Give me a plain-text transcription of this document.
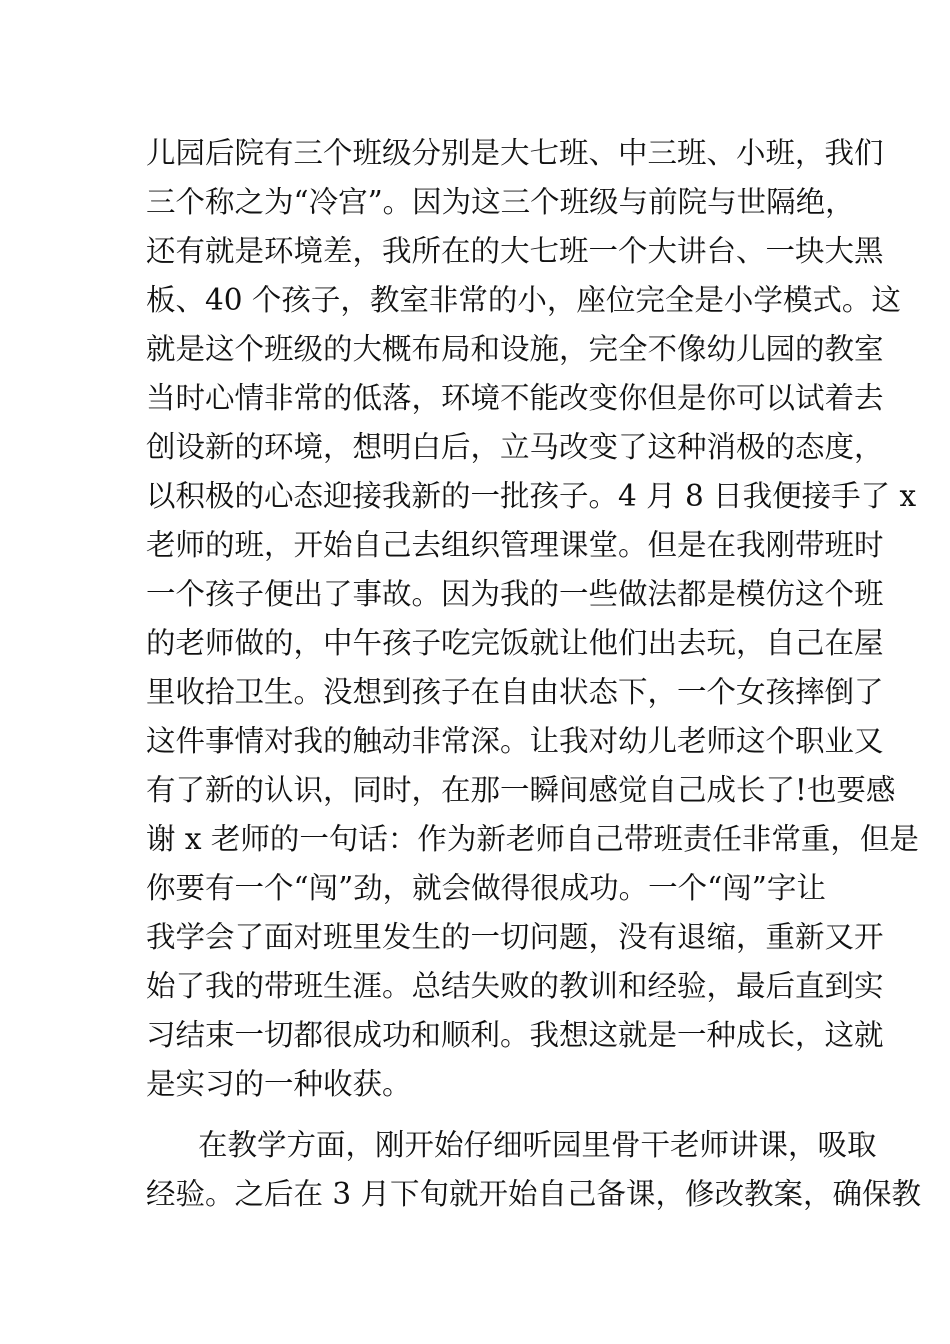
儿园后院有三个班级分别是大七班、中三班、小班，我们
三个称之为“冷宫”。因为这三个班级与前院与世隔绝，
还有就是环境差，我所在的大七班一个大讲台、一块大黑
板、40 个孩子，教室非常的小，座位完全是小学模式。这
就是这个班级的大概布局和设施，完全不像幼儿园的教室
当时心情非常的低落，环境不能改变你但是你可以试着去
创设新的环境，想明白后，立马改变了这种消极的态度，
以积极的心态迎接我新的一批孩子。4 月 8 日我便接手了 x
老师的班，开始自己去组织管理课堂。但是在我刚带班时
一个孩子便出了事故。因为我的一些做法都是模仿这个班
的老师做的，中午孩子吃完饭就让他们出去玩，自己在屋
里收拾卫生。没想到孩子在自由状态下，一个女孩摔倒了
这件事情对我的触动非常深。让我对幼儿老师这个职业又
有了新的认识，同时，在那一瞬间感觉自己成长了!也要感
谢 x 老师的一句话：作为新老师自己带班责任非常重，但是
你要有一个“闯”劲，就会做得很成功。一个“闯”字让
我学会了面对班里发生的一切问题，没有退缩，重新又开
始了我的带班生涯。总结失败的教训和经验，最后直到实
习结束一切都很成功和顺利。我想这就是一种成长，这就
是实习的一种收获。
在教学方面，刚开始仔细听园里骨干老师讲课，吸取
经验。之后在 3 月下旬就开始自己备课，修改教案，确保教
